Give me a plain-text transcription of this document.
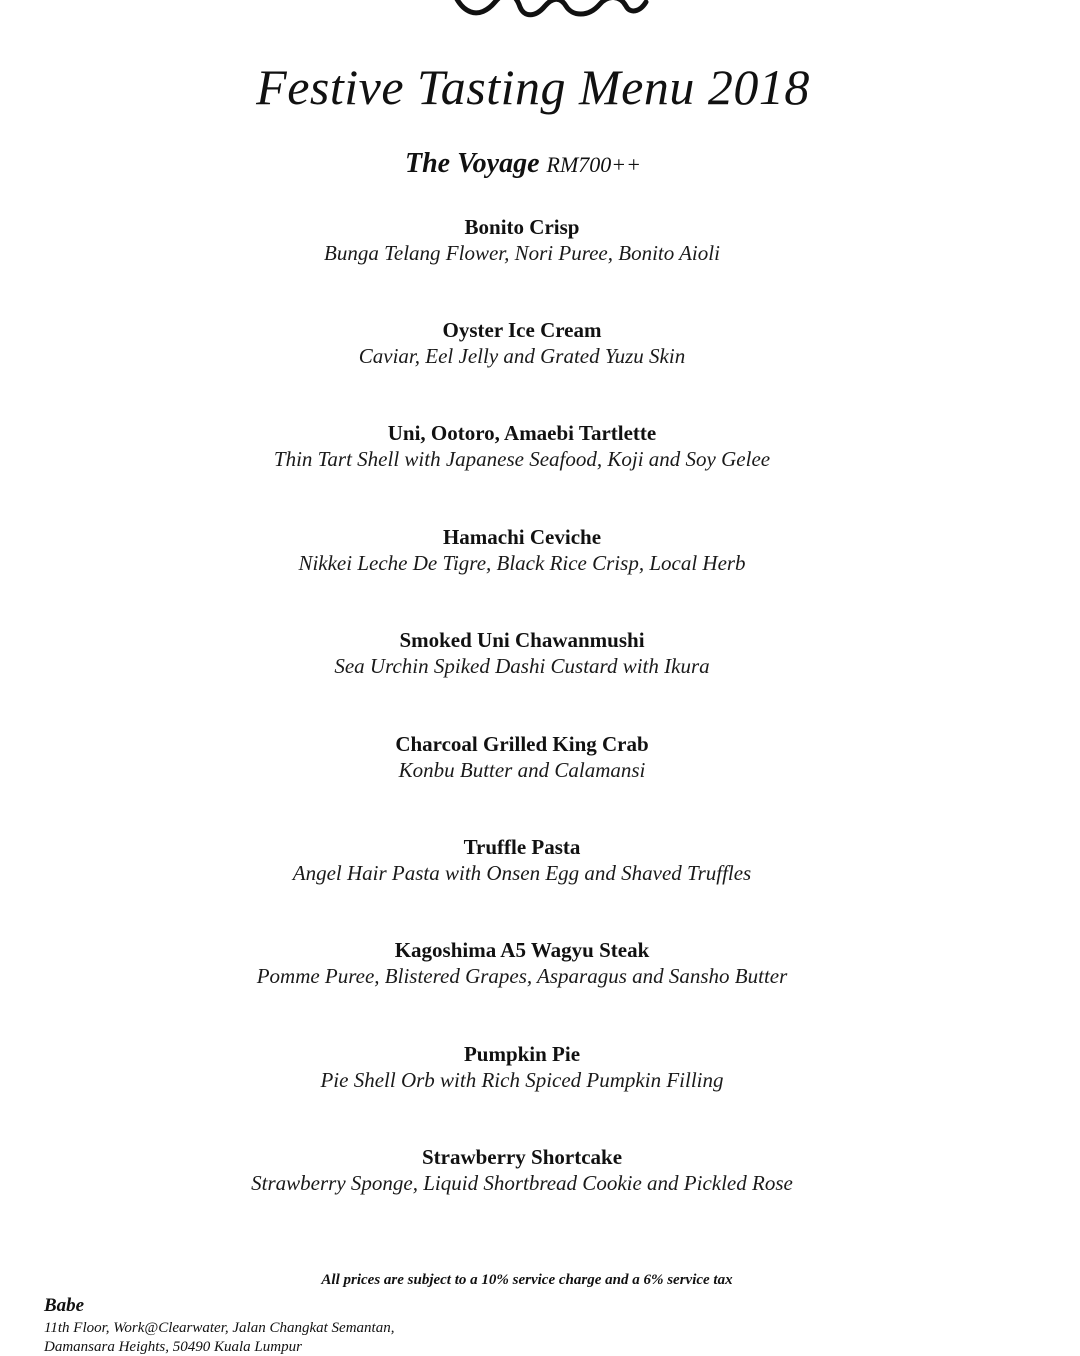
Festive Tasting Menu 2018
The Voyage RM700++
Bonito Crisp
Bunga Telang Flower, Nori Puree, Bonito Aioli
Oyster Ice Cream
Caviar, Eel Jelly and Grated Yuzu Skin
Uni, Ootoro, Amaebi Tartlette
Thin Tart Shell with Japanese Seafood, Koji and Soy Gelee
Hamachi Ceviche
Nikkei Leche De Tigre, Black Rice Crisp, Local Herb
Smoked Uni Chawanmushi
Sea Urchin Spiked Dashi Custard with Ikura
Charcoal Grilled King Crab
Konbu Butter and Calamansi
Truffle Pasta
Angel Hair Pasta with Onsen Egg and Shaved Truffles
Kagoshima A5 Wagyu Steak
Pomme Puree, Blistered Grapes, Asparagus and Sansho Butter
Pumpkin Pie
Pie Shell Orb with Rich Spiced Pumpkin Filling
Strawberry Shortcake
Strawberry Sponge, Liquid Shortbread Cookie and Pickled Rose
All prices are subject to a 10% service charge and a 6% service tax
Babe
11th Floor, Work@Clearwater, Jalan Changkat Semantan,
Damansara Heights, 50490 Kuala Lumpur
